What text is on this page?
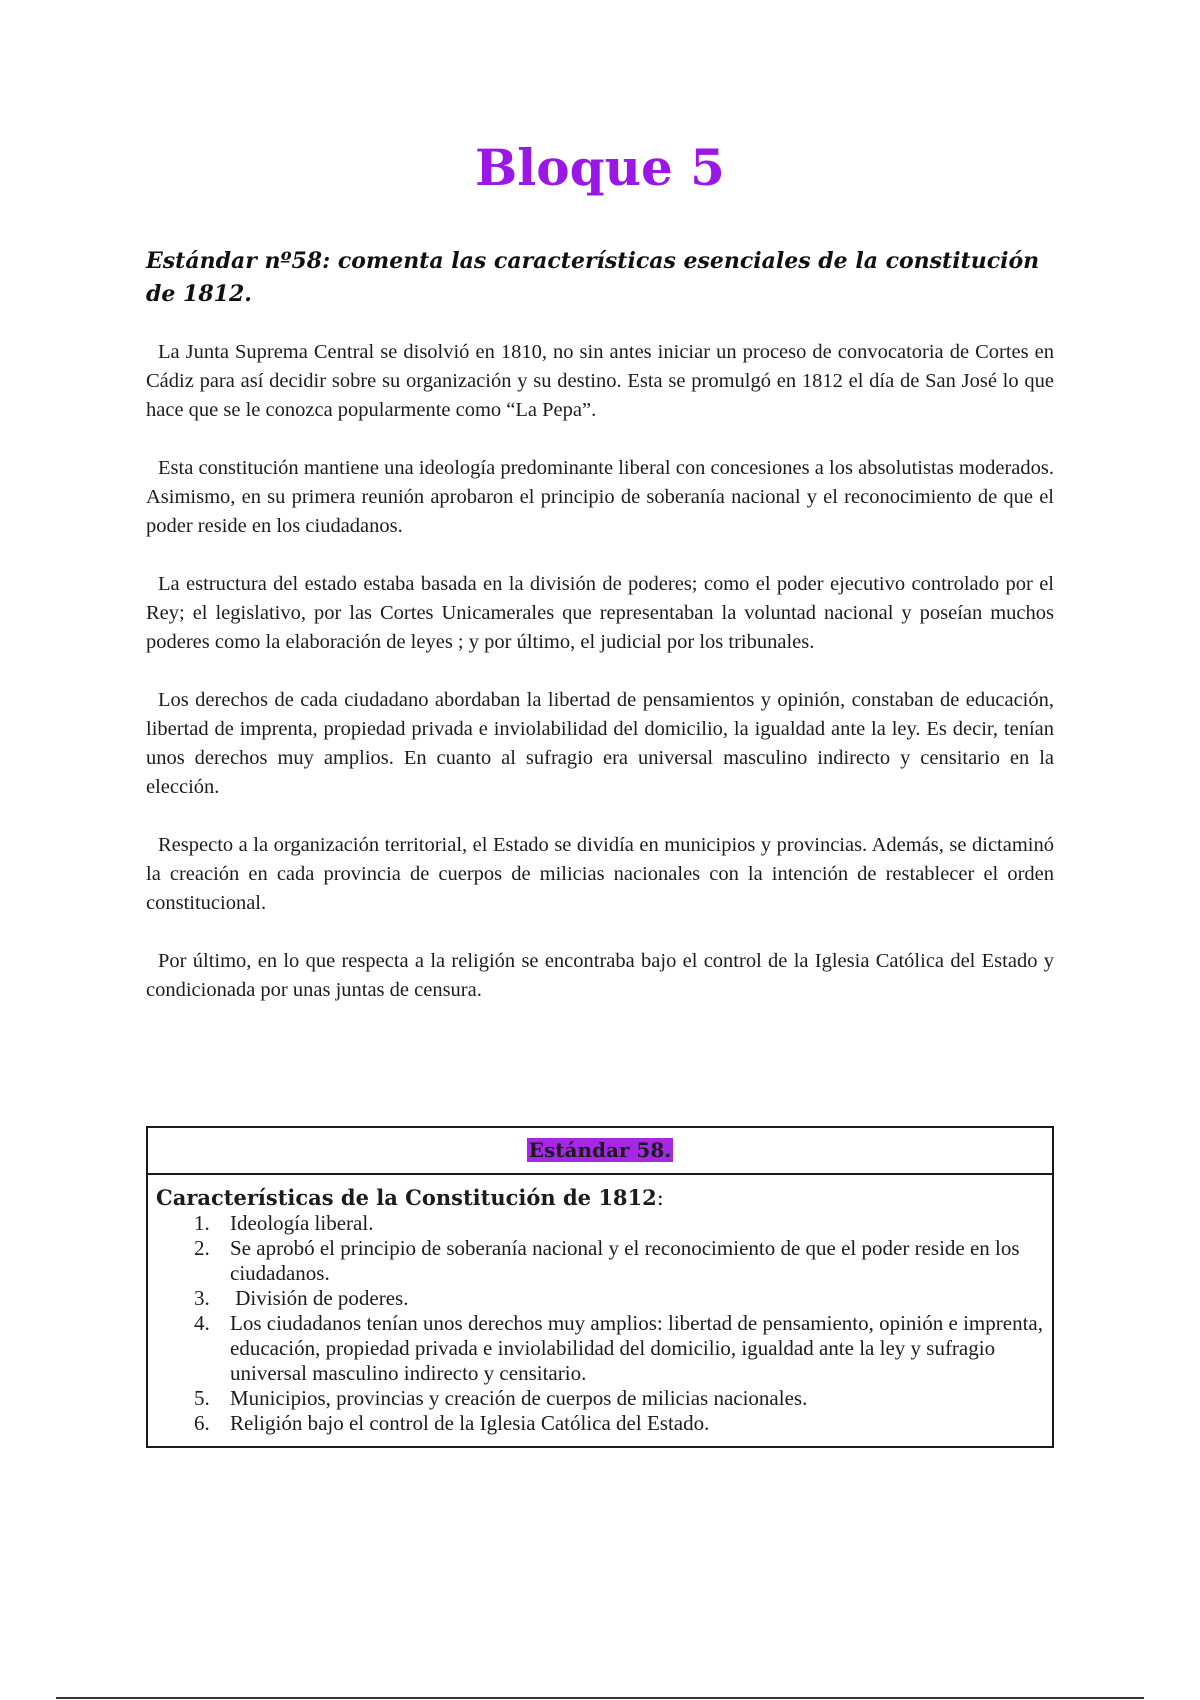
Bloque 5
Estándar nº58: comenta las características esenciales de la constitución de 1812.

La Junta Suprema Central se disolvió en 1810, no sin antes iniciar un proceso de convocatoria de Cortes en Cádiz para así decidir sobre su organización y su destino. Esta se promulgó en 1812 el día de San José lo que hace que se le conozca popularmente como “La Pepa”.

Esta constitución mantiene una ideología predominante liberal con concesiones a los absolutistas moderados. Asimismo, en su primera reunión aprobaron el principio de soberanía nacional y el reconocimiento de que el poder reside en los ciudadanos.

La estructura del estado estaba basada en la división de poderes; como el poder ejecutivo controlado por el Rey; el legislativo, por las Cortes Unicamerales que representaban la voluntad nacional y poseían muchos poderes como la elaboración de leyes ; y por último, el judicial por los tribunales.

Los derechos de cada ciudadano abordaban la libertad de pensamientos y opinión, constaban de educación, libertad de imprenta, propiedad privada e inviolabilidad del domicilio, la igualdad ante la ley. Es decir, tenían unos derechos muy amplios. En cuanto al sufragio era universal masculino indirecto y censitario en la elección.

Respecto a la organización territorial, el Estado se dividía en municipios y provincias. Además, se dictaminó la creación en cada provincia de cuerpos de milicias nacionales con la intención de restablecer el orden constitucional.

Por último, en lo que respecta a la religión se encontraba bajo el control de la Iglesia Católica del Estado y condicionada por unas juntas de censura.

Estándar 58.
Características de la Constitución de 1812:
1. Ideología liberal.
2. Se aprobó el principio de soberanía nacional y el reconocimiento de que el poder reside en los ciudadanos.
3. División de poderes.
4. Los ciudadanos tenían unos derechos muy amplios: libertad de pensamiento, opinión e imprenta, educación, propiedad privada e inviolabilidad del domicilio, igualdad ante la ley y sufragio universal masculino indirecto y censitario.
5. Municipios, provincias y creación de cuerpos de milicias nacionales.
6. Religión bajo el control de la Iglesia Católica del Estado.
